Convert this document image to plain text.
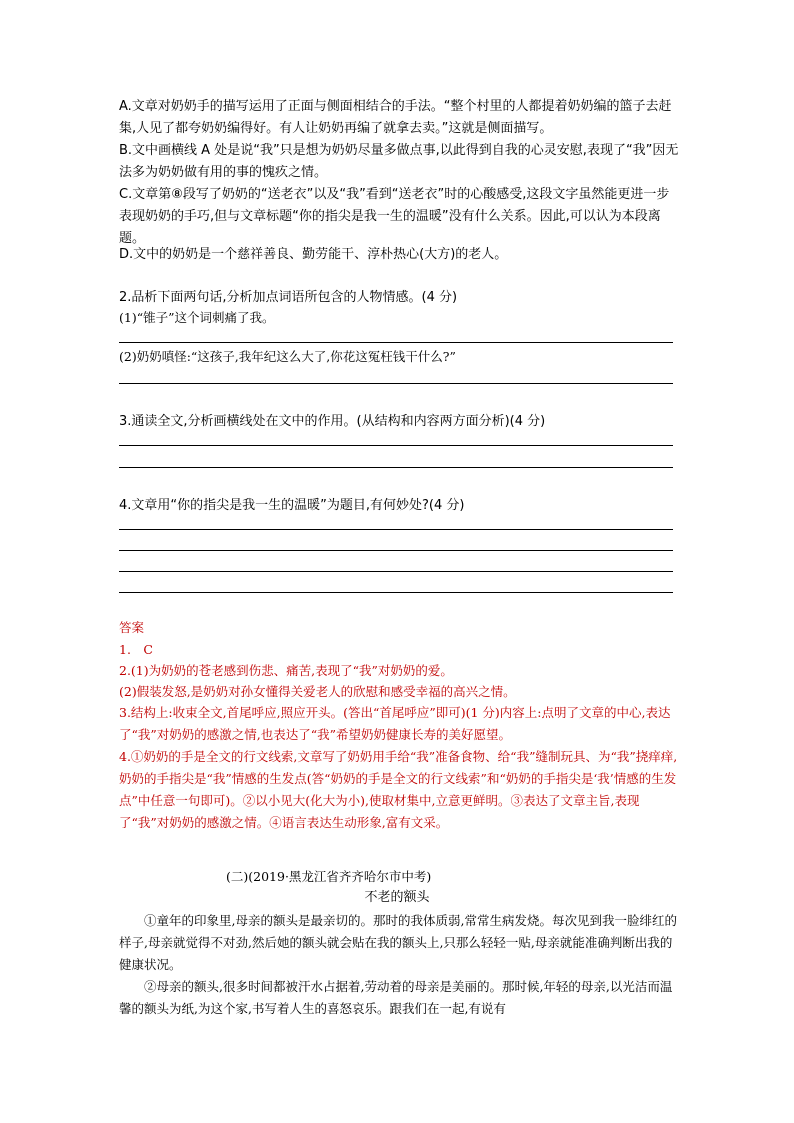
A.文章对奶奶手的描写运用了正面与侧面相结合的手法。“整个村里的人都提着奶奶编的篮子去赶集,人见了都夸奶奶编得好。有人让奶奶再编了就拿去卖。”这就是侧面描写。

B.文中画横线 A 处是说“我”只是想为奶奶尽量多做点事,以此得到自我的心灵安慰,表现了“我”因无法多为奶奶做有用的事的愧疚之情。

C.文章第⑧段写了奶奶的“送老衣”以及“我”看到“送老衣”时的心酸感受,这段文字虽然能更进一步表现奶奶的手巧,但与文章标题“你的指尖是我一生的温暖”没有什么关系。因此,可以认为本段离题。

D.文中的奶奶是一个慈祥善良、勤劳能干、淳朴热心(大方)的老人。

2.品析下面两句话,分析加点词语所包含的人物情感。(4 分)

(1)“锥子”这个词刺痛了我。

(2)奶奶嗔怪:“这孩子,我年纪这么大了,你花这冤枉钱干什么?”

3.通读全文,分析画横线处在文中的作用。(从结构和内容两方面分析)(4 分)

4.文章用“你的指尖是我一生的温暖”为题目,有何妙处?(4 分)

答案

1.　C

2.(1)为奶奶的苍老感到伤悲、痛苦,表现了“我”对奶奶的爱。

(2)假装发怒,是奶奶对孙女懂得关爱老人的欣慰和感受幸福的高兴之情。

3.结构上:收束全文,首尾呼应,照应开头。(答出“首尾呼应”即可)(1 分)内容上:点明了文章的中心,表达了“我”对奶奶的感激之情,也表达了“我”希望奶奶健康长寿的美好愿望。

4.①奶奶的手是全文的行文线索,文章写了奶奶用手给“我”准备食物、给“我”缝制玩具、为“我”挠痒痒,奶奶的手指尖是“我”情感的生发点(答“奶奶的手是全文的行文线索”和“奶奶的手指尖是‘我’情感的生发点”中任意一句即可)。②以小见大(化大为小),使取材集中,立意更鲜明。③表达了文章主旨,表现了“我”对奶奶的感激之情。④语言表达生动形象,富有文采。

(二)(2019·黑龙江省齐齐哈尔市中考)

不老的额头

①童年的印象里,母亲的额头是最亲切的。那时的我体质弱,常常生病发烧。每次见到我一脸绯红的样子,母亲就觉得不对劲,然后她的额头就会贴在我的额头上,只那么轻轻一贴,母亲就能准确判断出我的健康状况。

②母亲的额头,很多时间都被汗水占据着,劳动着的母亲是美丽的。那时候,年轻的母亲,以光洁而温馨的额头为纸,为这个家,书写着人生的喜怒哀乐。跟我们在一起,有说有
